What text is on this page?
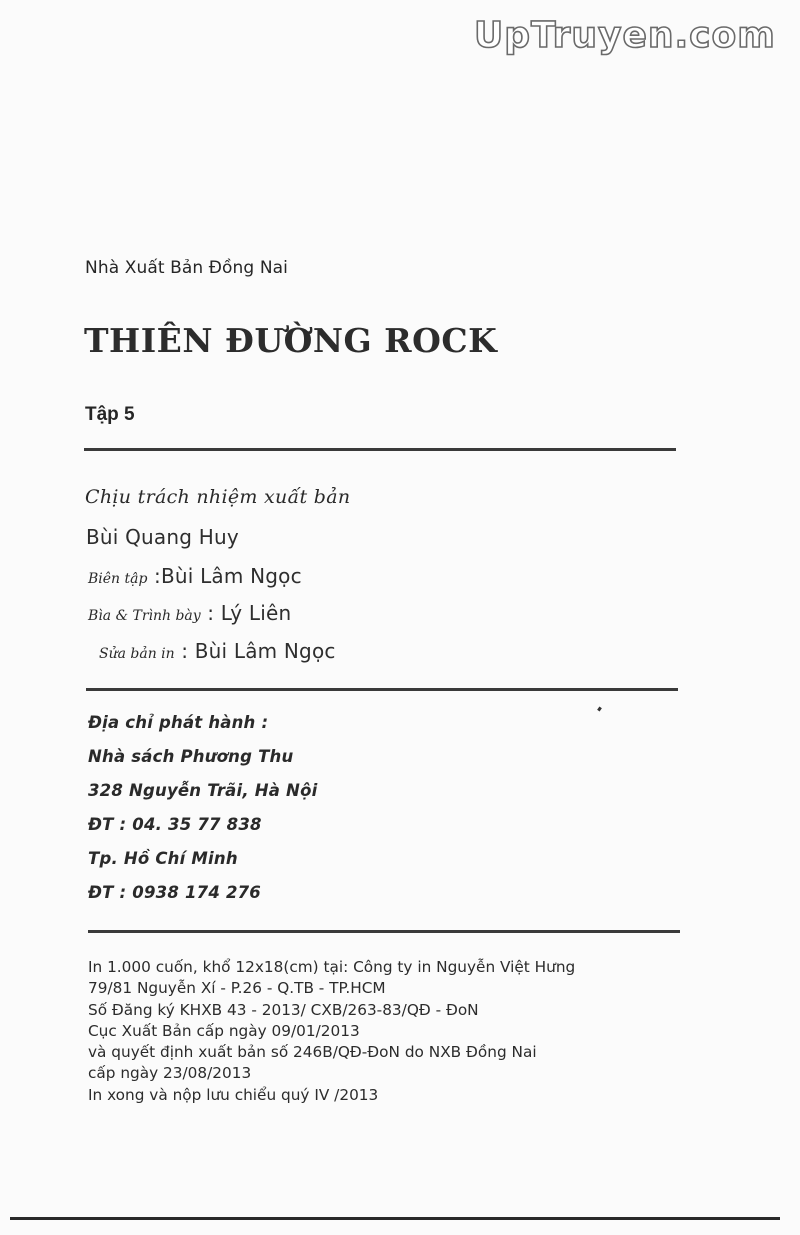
UpTruyen.com
Nhà Xuất Bản Đồng Nai
THIÊN ĐƯỜNG ROCK
Tập 5
Chịu trách nhiệm xuất bản
Bùi Quang Huy
Biên tập :Bùi Lâm Ngọc
Bìa & Trình bày : Lý Liên
Sửa bản in : Bùi Lâm Ngọc
Địa chỉ phát hành :
Nhà sách Phương Thu
328 Nguyễn Trãi, Hà Nội
ĐT : 04. 35 77 838
Tp. Hồ Chí Minh
ĐT : 0938 174 276
In 1.000 cuốn, khổ 12x18(cm) tại: Công ty in Nguyễn Việt Hưng
79/81 Nguyễn Xí - P.26 - Q.TB - TP.HCM
Số Đăng ký KHXB 43 - 2013/ CXB/263-83/QĐ - ĐoN
Cục Xuất Bản cấp ngày 09/01/2013
và quyết định xuất bản số 246B/QĐ-ĐoN do NXB Đồng Nai
cấp ngày 23/08/2013
In xong và nộp lưu chiểu quý IV /2013
